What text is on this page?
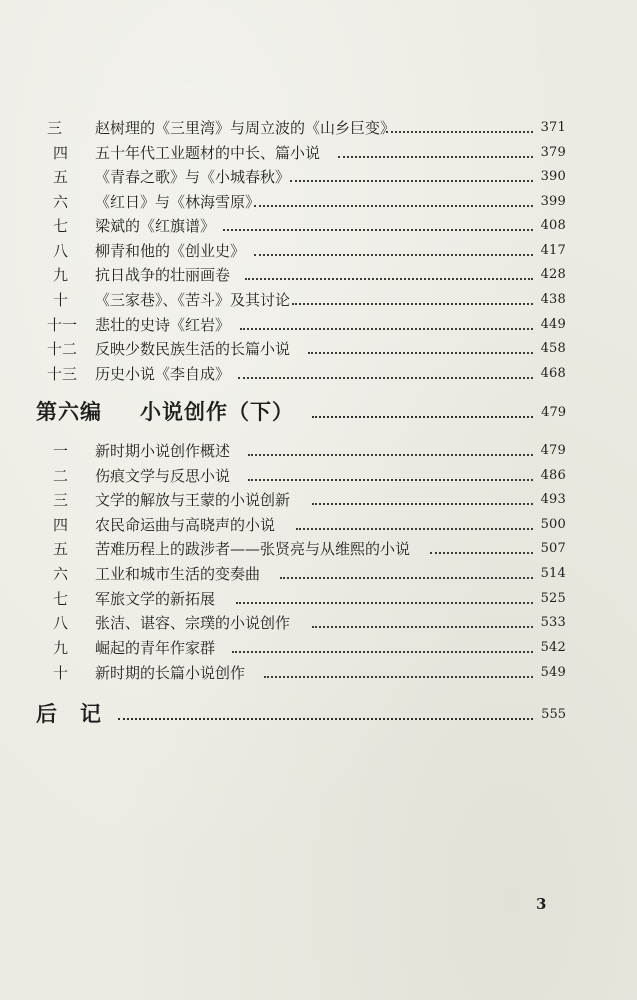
三 赵树理的《三里湾》与周立波的《山乡巨变》	371
四 五十年代工业题材的中长、篇小说	379
五 《青春之歌》与《小城春秋》	390
六 《红日》与《林海雪原》	399
七 梁斌的《红旗谱》	408
八 柳青和他的《创业史》	417
九 抗日战争的壮丽画卷	428
十 《三家巷》、《苦斗》及其讨论	438
十一 悲壮的史诗《红岩》	449
十二 反映少数民族生活的长篇小说	458
十三 历史小说《李自成》	468
第六编 小说创作（下）	479
一 新时期小说创作概述	479
二 伤痕文学与反思小说	486
三 文学的解放与王蒙的小说创新	493
四 农民命运曲与高晓声的小说	500
五 苦难历程上的跋涉者——张贤亮与从维熙的小说	507
六 工业和城市生活的变奏曲	514
七 军旅文学的新拓展	525
八 张洁、谌容、宗璞的小说创作	533
九 崛起的青年作家群	542
十 新时期的长篇小说创作	549
后　记	555
3
